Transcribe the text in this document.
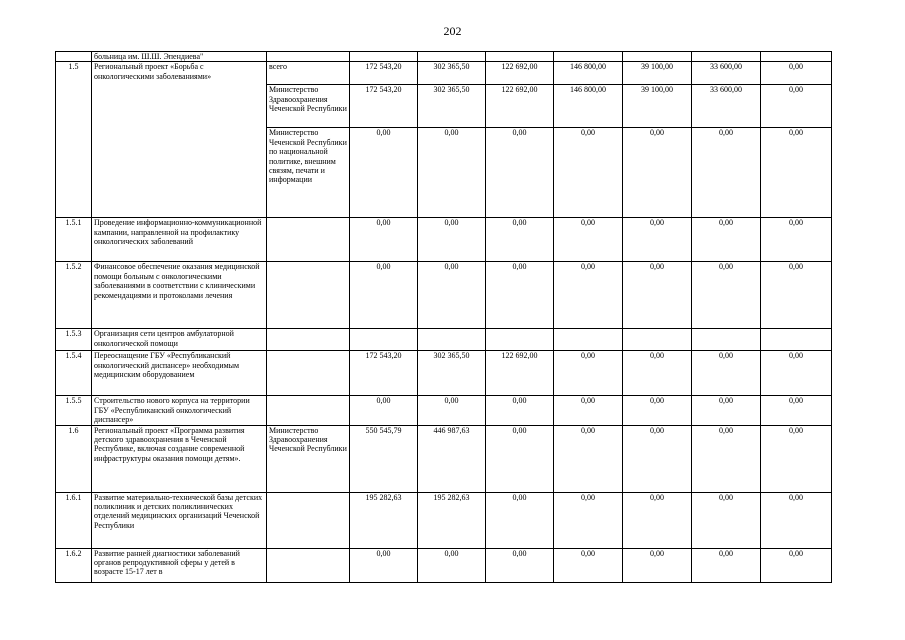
202
	больница им. Ш.Ш. Эпендиева"								
1.5	Региональный проект «Борьба с онкологическими заболеваниями»	всего	172 543,20	302 365,50	122 692,00	146 800,00	39 100,00	33 600,00	0,00
		Министерство Здравоохранения Чеченской Республики	172 543,20	302 365,50	122 692,00	146 800,00	39 100,00	33 600,00	0,00
		Министерство Чеченской Республики по национальной политике, внешним связям, печати и информации	0,00	0,00	0,00	0,00	0,00	0,00	0,00
1.5.1	Проведение информационно-коммуникационной кампании, направленной на профилактику онкологических заболеваний		0,00	0,00	0,00	0,00	0,00	0,00	0,00
1.5.2	Финансовое обеспечение оказания медицинской помощи больным с онкологическими заболеваниями в соответствии с клиническими рекомендациями и протоколами лечения		0,00	0,00	0,00	0,00	0,00	0,00	0,00
1.5.3	Организация сети центров амбулаторной онкологической помощи								
1.5.4	Переоснащение ГБУ «Республиканский онкологический диспансер» необходимым медицинским оборудованием		172 543,20	302 365,50	122 692,00	0,00	0,00	0,00	0,00
1.5.5	Строительство нового корпуса на территории ГБУ «Республиканский онкологический диспансер»		0,00	0,00	0,00	0,00	0,00	0,00	0,00
1.6	Региональный проект «Программа развития детского здравоохранения в Чеченской Республике, включая создание современной инфраструктуры оказания помощи детям».	Министерство Здравоохранения Чеченской Республики	550 545,79	446 987,63	0,00	0,00	0,00	0,00	0,00
1.6.1	Развитие материально-технической базы детских поликлиник и детских поликлинических отделений медицинских организаций Чеченской Республики		195 282,63	195 282,63	0,00	0,00	0,00	0,00	0,00
1.6.2	Развитие ранней диагностики заболеваний органов репродуктивной сферы у детей в возрасте 15-17 лет в		0,00	0,00	0,00	0,00	0,00	0,00	0,00
